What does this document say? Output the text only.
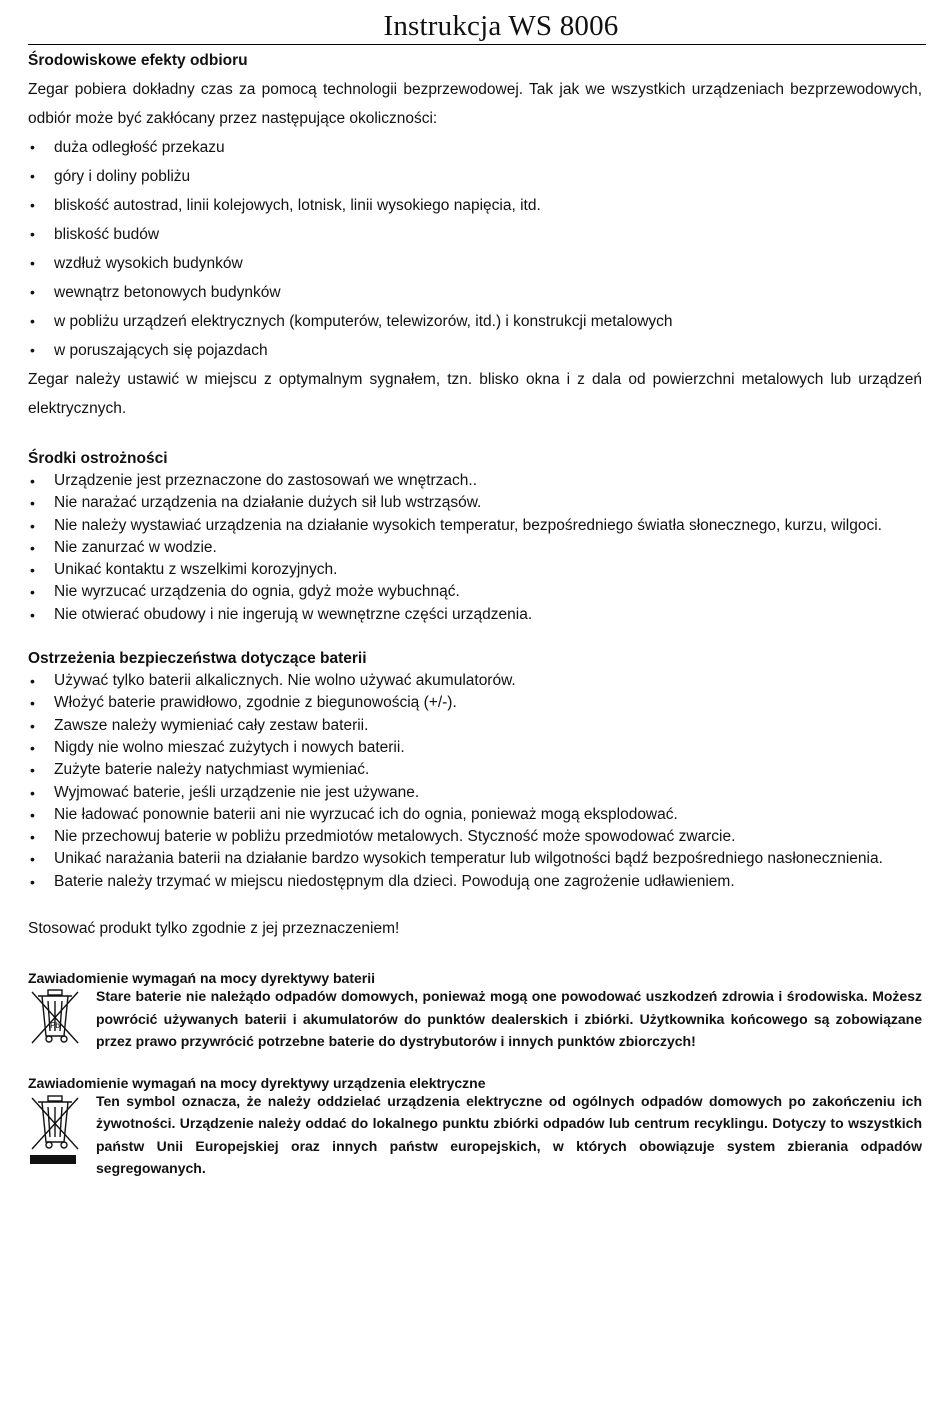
Instrukcja WS 8006

Środowiskowe efekty odbioru

Zegar pobiera dokładny czas za pomocą technologii bezprzewodowej. Tak jak we wszystkich urządzeniach bezprzewodowych, odbiór może być zakłócany przez następujące okoliczności:

• duża odległość przekazu
• góry i doliny pobliżu
• bliskość autostrad, linii kolejowych, lotnisk, linii wysokiego napięcia, itd.
• bliskość budów
• wzdłuż wysokich budynków
• wewnątrz betonowych budynków
• w pobliżu urządzeń elektrycznych (komputerów, telewizorów, itd.) i konstrukcji metalowych
• w poruszających się pojazdach

Zegar należy ustawić w miejscu z optymalnym sygnałem, tzn. blisko okna i z dala od powierzchni metalowych lub urządzeń elektrycznych.

Środki ostrożności

• Urządzenie jest przeznaczone do zastosowań we wnętrzach..
• Nie narażać urządzenia na działanie dużych sił lub wstrząsów.
• Nie należy wystawiać urządzenia na działanie wysokich temperatur, bezpośredniego światła słonecznego, kurzu, wilgoci.
• Nie zanurzać w wodzie.
• Unikać kontaktu z wszelkimi korozyjnych.
• Nie wyrzucać urządzenia do ognia, gdyż może wybuchnąć.
• Nie otwierać obudowy i nie ingerują w wewnętrzne części urządzenia.

Ostrzeżenia bezpieczeństwa dotyczące baterii

• Używać tylko baterii alkalicznych. Nie wolno używać akumulatorów.
• Włożyć baterie prawidłowo, zgodnie z biegunowością (+/-).
• Zawsze należy wymieniać cały zestaw baterii.
• Nigdy nie wolno mieszać zużytych i nowych baterii.
• Zużyte baterie należy natychmiast wymieniać.
• Wyjmować baterie, jeśli urządzenie nie jest używane.
• Nie ładować ponownie baterii ani nie wyrzucać ich do ognia, ponieważ mogą eksplodować.
• Nie przechowuj baterie w pobliżu przedmiotów metalowych. Styczność może spowodować zwarcie.
• Unikać narażania baterii na działanie bardzo wysokich temperatur lub wilgotności bądź bezpośredniego nasłonecznienia.
• Baterie należy trzymać w miejscu niedostępnym dla dzieci. Powodują one zagrożenie udławieniem.

Stosować produkt tylko zgodnie z jej przeznaczeniem!

Zawiadomienie wymagań na mocy dyrektywy baterii

Pb
Stare baterie nie należądo odpadów domowych, ponieważ mogą one powodować uszkodzeń zdrowia i środowiska. Możesz powrócić używanych baterii i akumulatorów do punktów dealerskich i zbiórki. Użytkownika końcowego są zobowiązane przez prawo przywrócić potrzebne baterie do dystrybutorów i innych punktów zbiorczych!

Zawiadomienie wymagań na mocy dyrektywy urządzenia elektryczne

Ten symbol oznacza, że należy oddzielać urządzenia elektryczne od ogólnych odpadów domowych po zakończeniu ich żywotności. Urządzenie należy oddać do lokalnego punktu zbiórki odpadów lub centrum recyklingu. Dotyczy to wszystkich państw Unii Europejskiej oraz innych państw europejskich, w których obowiązuje system zbierania odpadów segregowanych.
